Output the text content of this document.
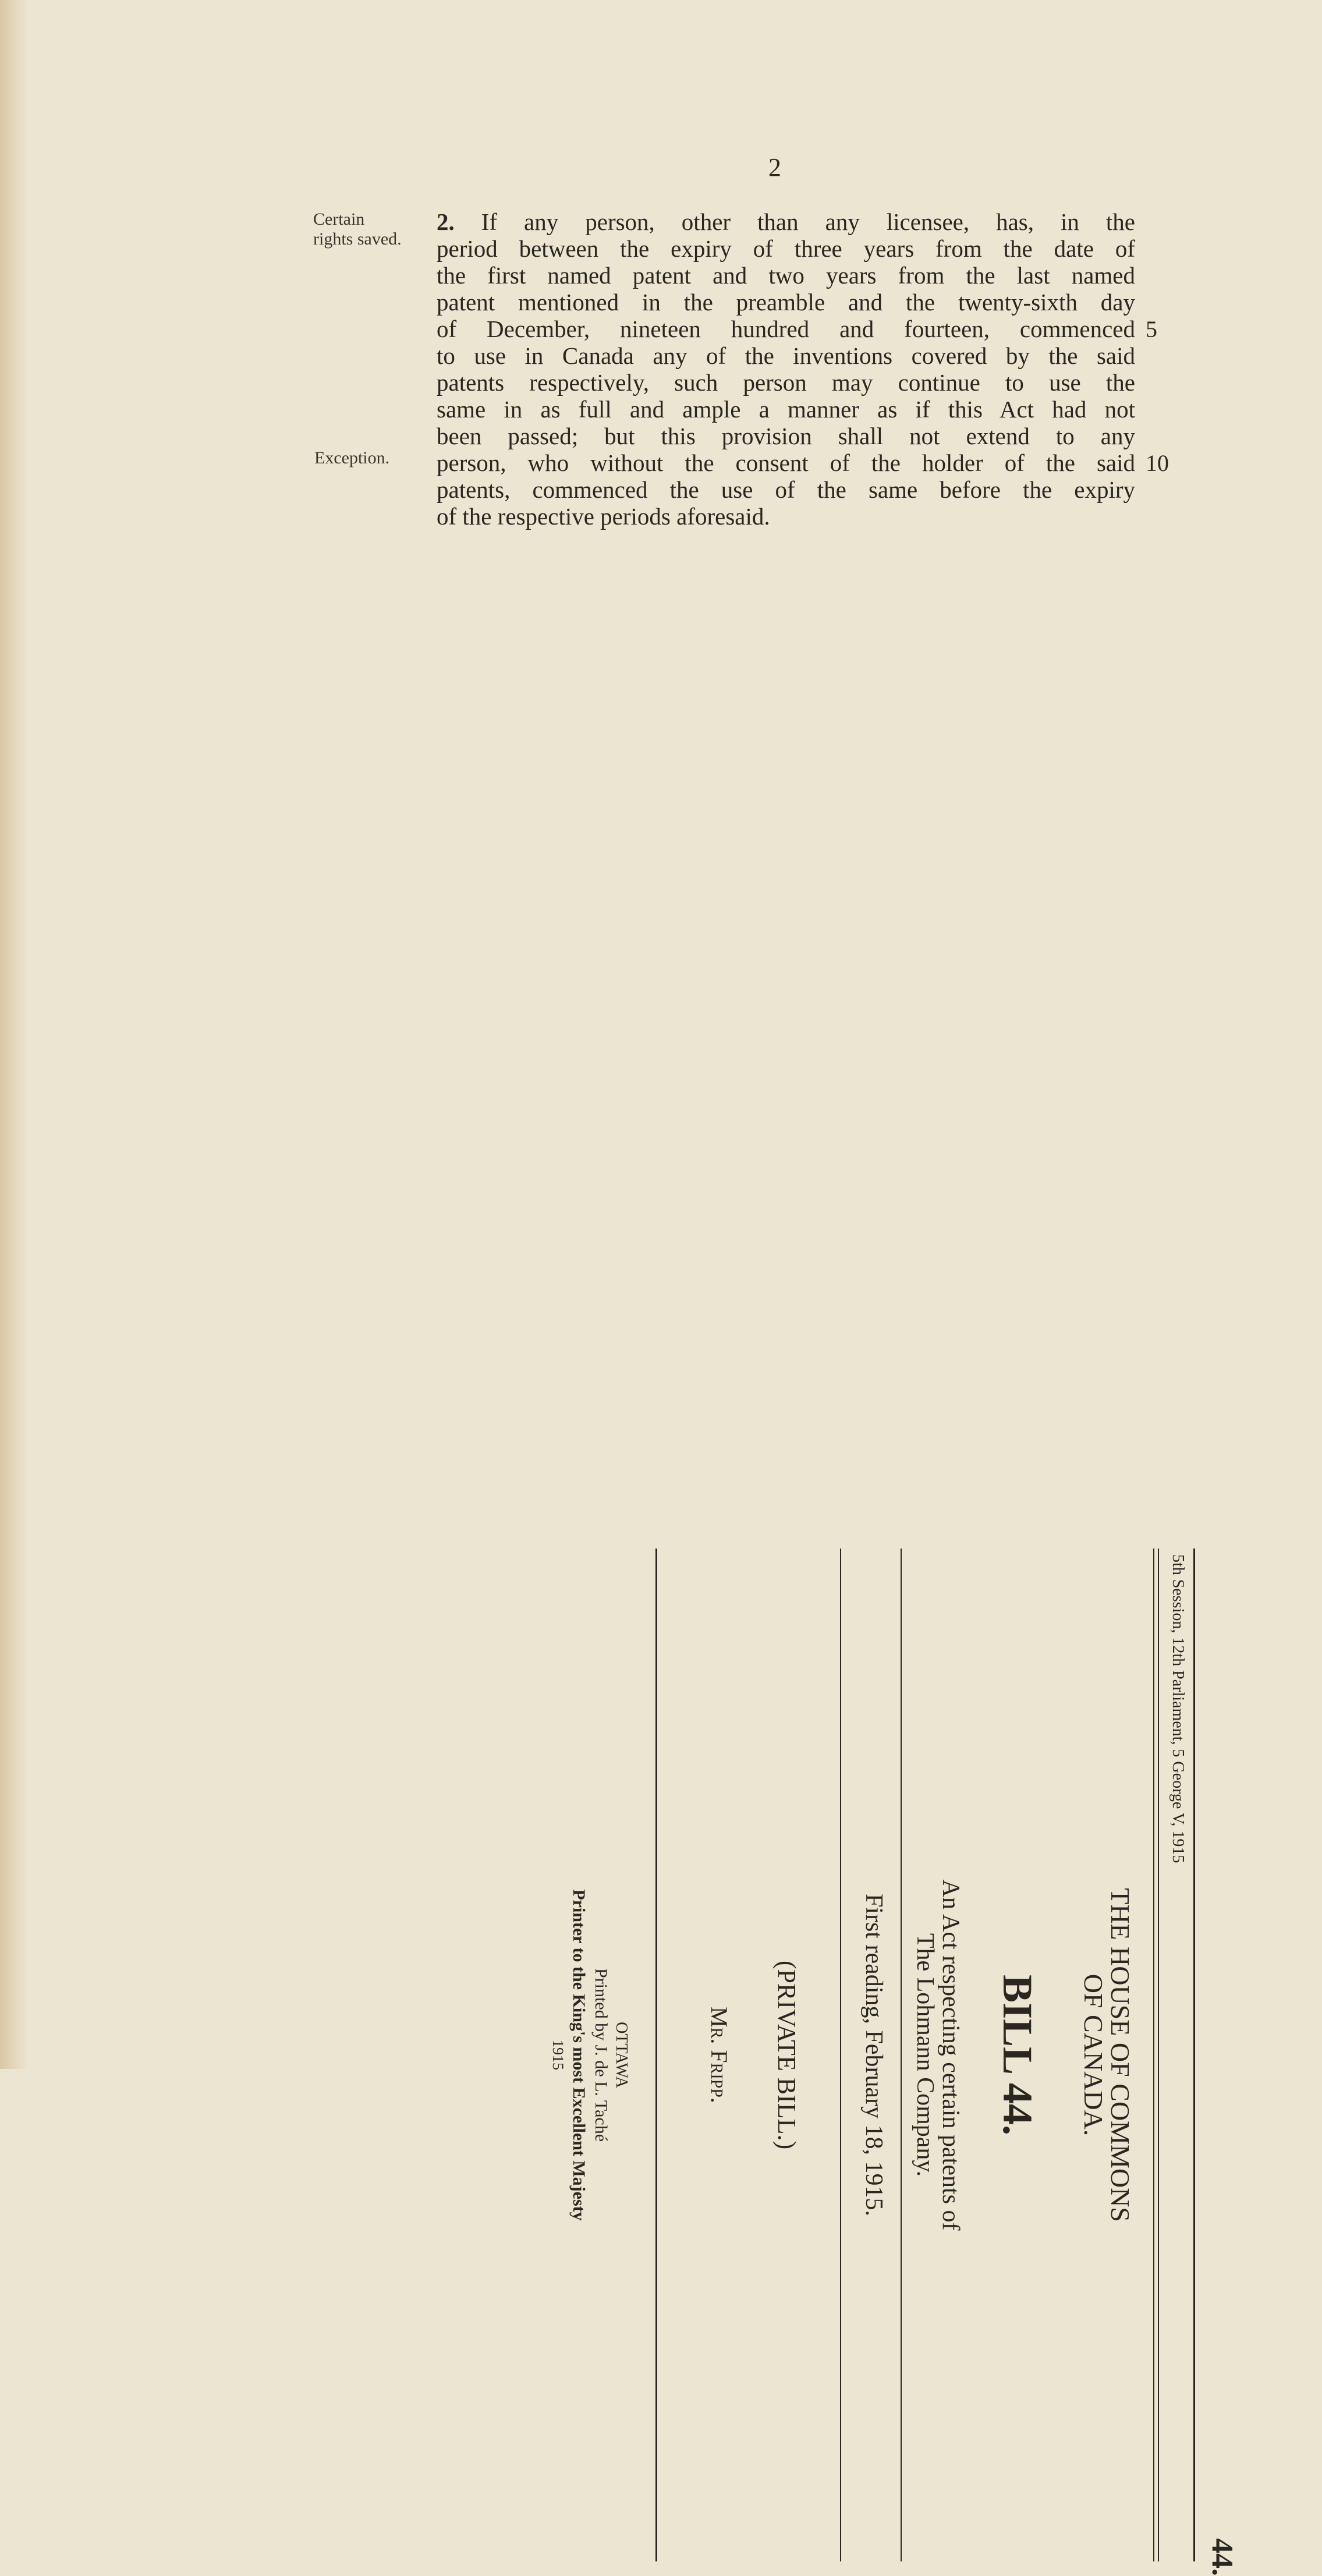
2
Certain
rights saved.
Exception.
2. If any person, other than any licensee, has, in the
period between the expiry of three years from the date of
the first named patent and two years from the last named
patent mentioned in the preamble and the twenty-sixth day
of December, nineteen hundred and fourteen, commenced
to use in Canada any of the inventions covered by the said
patents respectively, such person may continue to use the
same in as full and ample a manner as if this Act had not
been passed; but this provision shall not extend to any
person, who without the consent of the holder of the said
patents, commenced the use of the same before the expiry
of the respective periods aforesaid.
5
10
44.
5th Session, 12th Parliament, 5 George V, 1915
THE HOUSE OF COMMONS
OF CANADA.
BILL 44.
An Act respecting certain patents of
The Lohmann Company.
First reading, February 18, 1915.
(PRIVATE BILL.)
Mr. Fripp.
OTTAWA
Printed by J. de L. Taché
Printer to the King's most Excellent Majesty
1915
